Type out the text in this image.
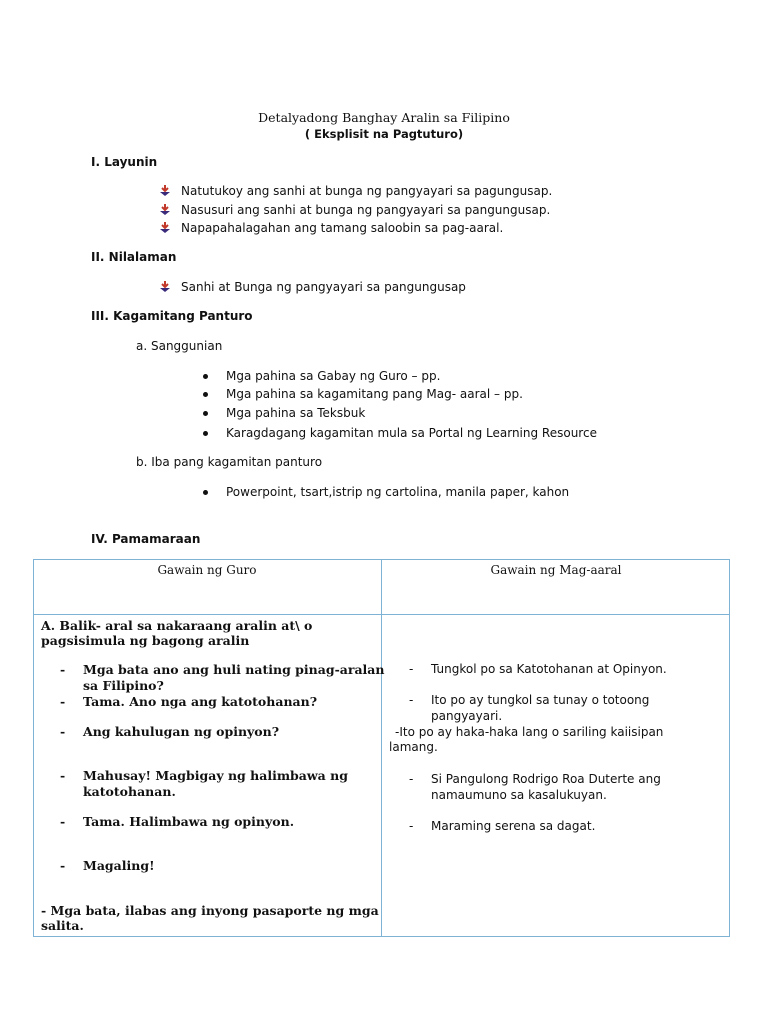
Detalyadong Banghay Aralin sa Filipino
( Eksplisit na Pagtuturo)
I. Layunin
Natutukoy ang sanhi at bunga ng pangyayari sa pagungusap.
Nasusuri ang sanhi at bunga ng pangyayari sa pangungusap.
Napapahalagahan ang tamang saloobin sa pag-aaral.
II. Nilalaman
Sanhi at Bunga ng pangyayari sa pangungusap
III. Kagamitang Panturo
a. Sanggunian
Mga pahina sa Gabay ng Guro – pp.
Mga pahina sa kagamitang pang Mag- aaral – pp.
Mga pahina sa Teksbuk
Karagdagang kagamitan mula sa Portal ng Learning Resource
b. Iba pang kagamitan panturo
Powerpoint, tsart,istrip ng cartolina, manila paper, kahon
IV. Pamamaraan
Gawain ng Guro	Gawain ng Mag-aaral
A. Balik- aral sa nakaraang aralin at\ o
pagsisimula ng bagong aralin
- Mga bata ano ang huli nating pinag-aralan
sa Filipino?
- Tama. Ano nga ang katotohanan?
- Ang kahulugan ng opinyon?
- Mahusay! Magbigay ng halimbawa ng
katotohanan.
- Tama. Halimbawa ng opinyon.
- Magaling!
- Mga bata, ilabas ang inyong pasaporte ng mga
salita.
- Tungkol po sa Katotohanan at Opinyon.
- Ito po ay tungkol sa tunay o totoong
pangyayari.
-Ito po ay haka-haka lang o sariling kaiisipan
lamang.
- Si Pangulong Rodrigo Roa Duterte ang
namaumuno sa kasalukuyan.
- Maraming serena sa dagat.
